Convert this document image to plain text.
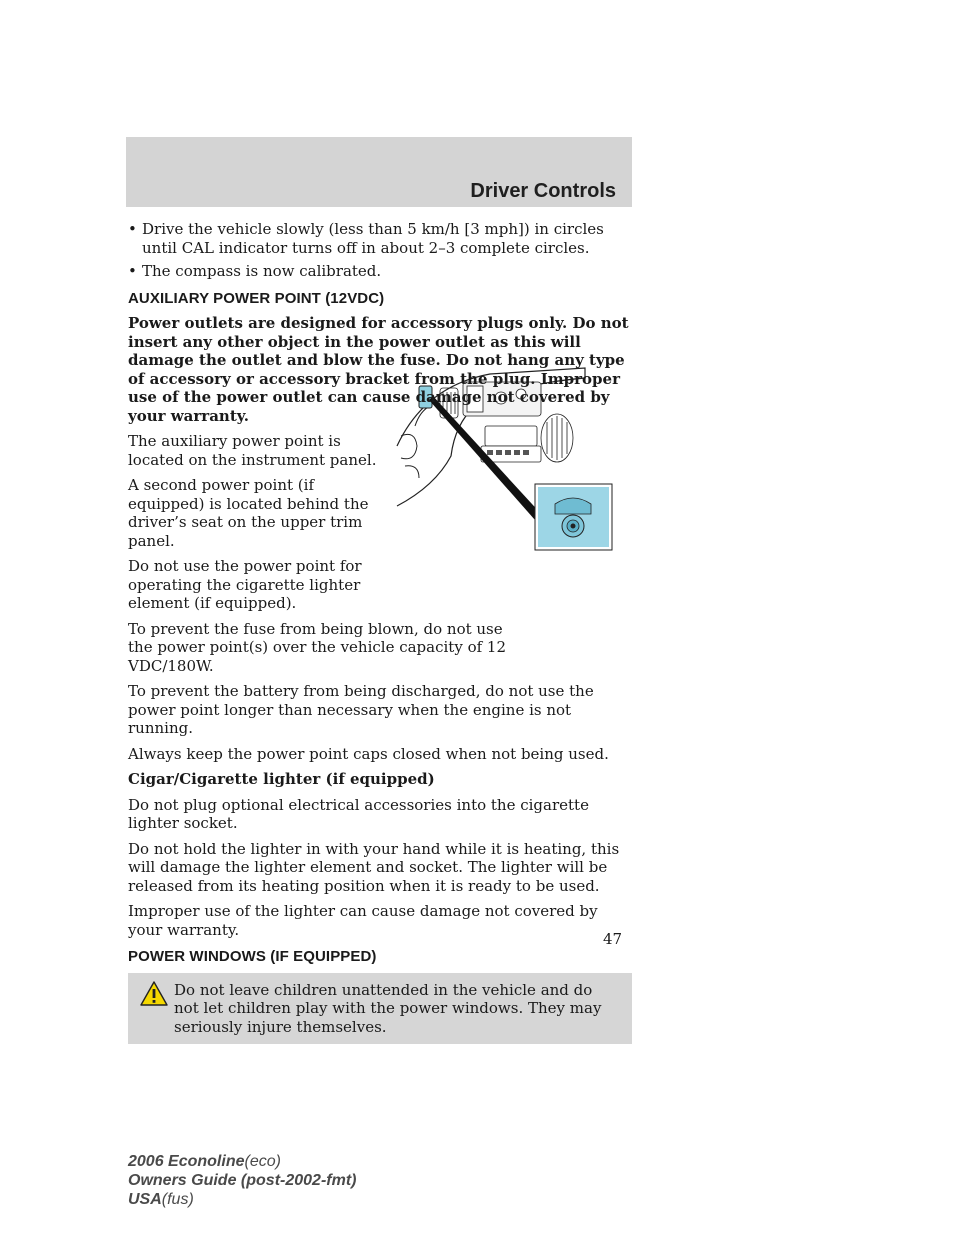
Driver Controls
• Drive the vehicle slowly (less than 5 km/h [3 mph]) in circles until CAL indicator turns off in about 2–3 complete circles.
• The compass is now calibrated.
AUXILIARY POWER POINT (12VDC)

Power outlets are designed for accessory plugs only. Do not insert any other object in the power outlet as this will damage the outlet and blow the fuse. Do not hang any type of accessory or accessory bracket from the plug. Improper use of the power outlet can cause damage not covered by your warranty.

The auxiliary power point is located on the instrument panel.

A second power point (if equipped) is located behind the driver’s seat on the upper trim panel.

Do not use the power point for operating the cigarette lighter element (if equipped).

To prevent the fuse from being blown, do not use the power point(s) over the vehicle capacity of 12 VDC/180W.

To prevent the battery from being discharged, do not use the power point longer than necessary when the engine is not running.

Always keep the power point caps closed when not being used.

Cigar/Cigarette lighter (if equipped)

Do not plug optional electrical accessories into the cigarette lighter socket.

Do not hold the lighter in with your hand while it is heating, this will damage the lighter element and socket. The lighter will be released from its heating position when it is ready to be used.

Improper use of the lighter can cause damage not covered by your warranty.

POWER WINDOWS (IF EQUIPPED)
Do not leave children unattended in the vehicle and do not let children play with the power windows. They may seriously injure themselves.
47
2006 Econoline(eco)
Owners Guide (post-2002-fmt)
USA(fus)
